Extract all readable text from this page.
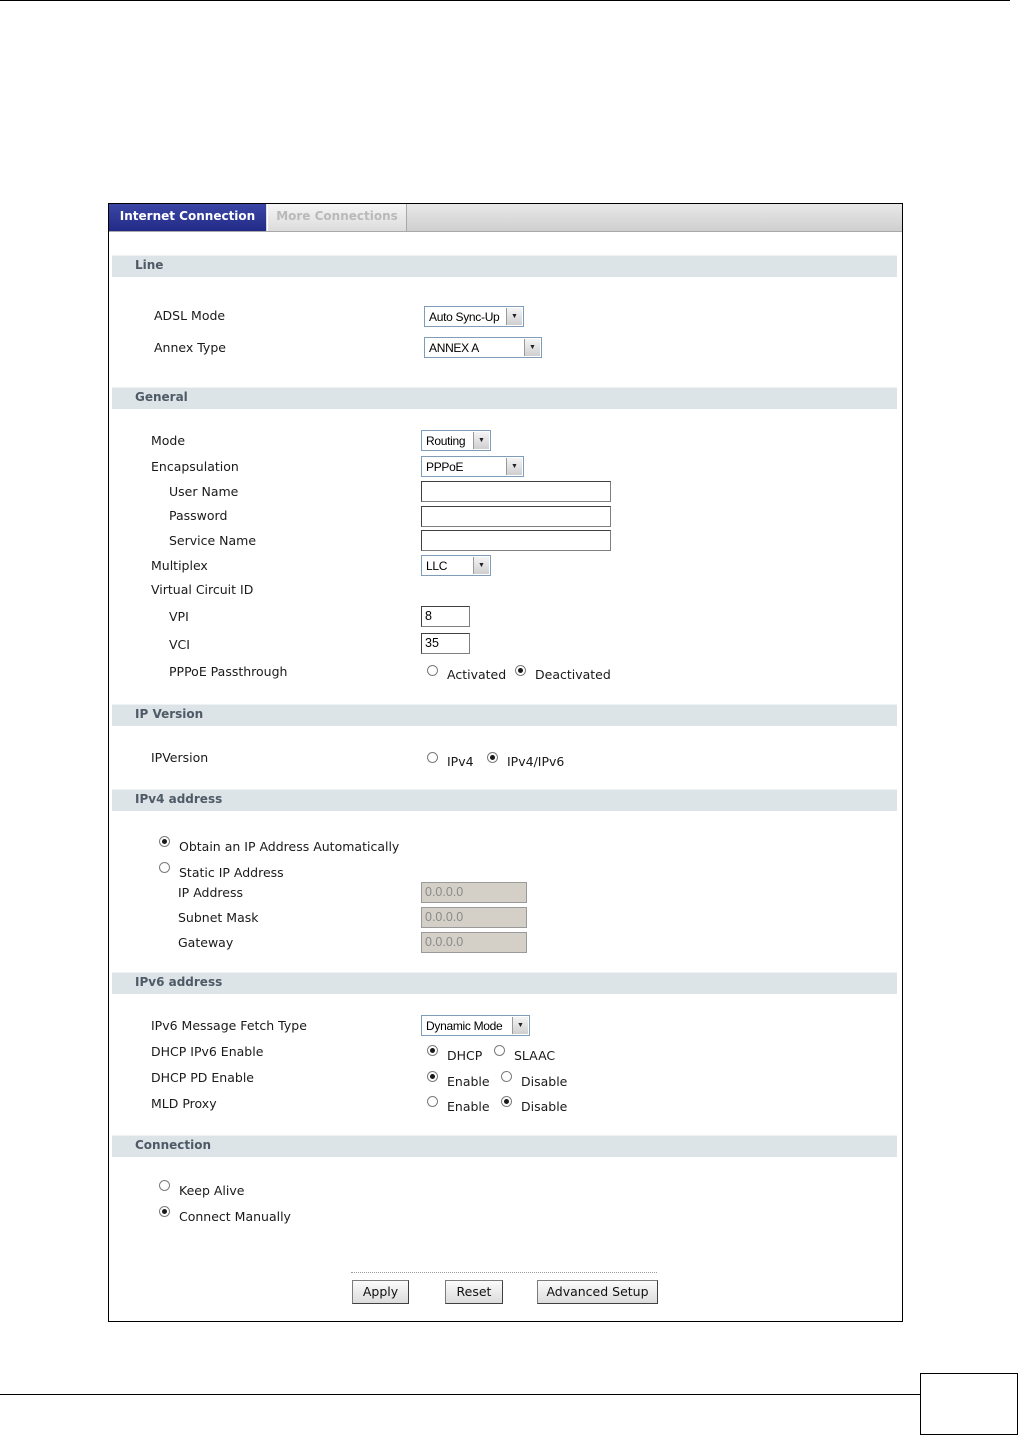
Internet Connection	More Connections
Line
ADSL Mode	Auto Sync-Up	▼
Annex Type	ANNEX A	▼
General
Mode	Routing	▼
Encapsulation	PPPoE	▼
User Name
Password
Service Name
Multiplex	LLC	▼
Virtual Circuit ID
VPI	8
VCI	35
PPPoE Passthrough	Activated Deactivated
IP Version
IPVersion	IPv4	IPv4/IPv6
IPv4 address
Obtain an IP Address Automatically
Static IP Address
IP Address	0.0.0.0
Subnet Mask	0.0.0.0
Gateway	0.0.0.0
IPv6 address
IPv6 Message Fetch Type	Dynamic Mode	▼
DHCP IPv6 Enable	DHCP	SLAAC
DHCP PD Enable	Enable	Disable
MLD Proxy	Enable	Disable
Connection
Keep Alive
Connect Manually
Apply	Reset	Advanced Setup
